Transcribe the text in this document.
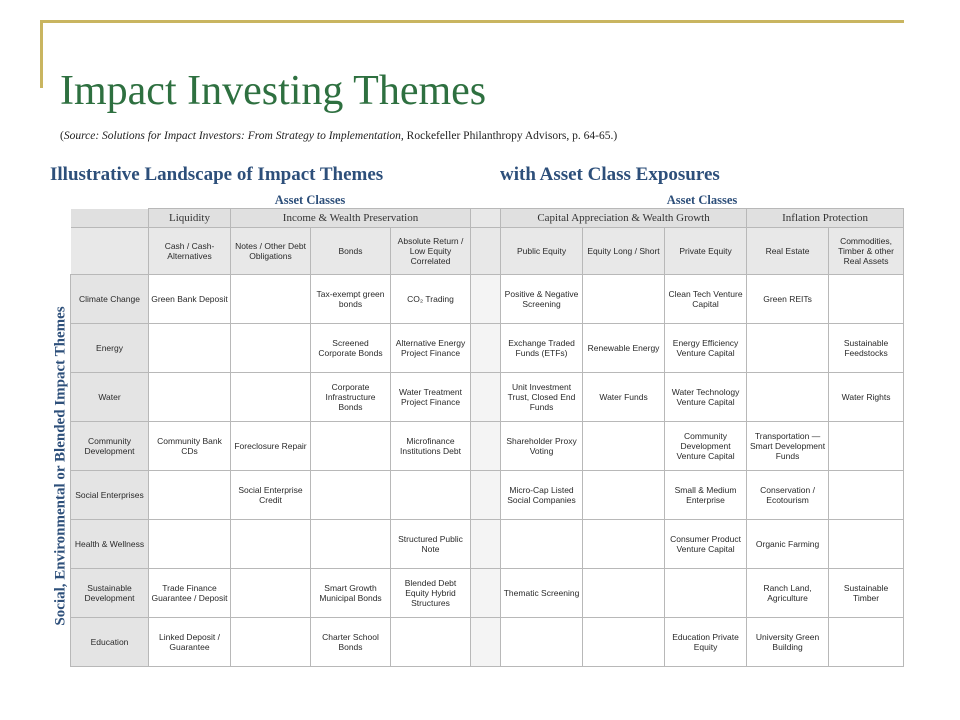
Impact Investing Themes

(Source: Solutions for Impact Investors: From Strategy to Implementation, Rockefeller Philanthropy Advisors, p. 64-65.)

Illustrative Landscape of Impact Themes	with Asset Class Exposures
Asset Classes	Asset Classes
Social, Environmental or Blended Impact Themes
	Liquidity	Income & Wealth Preservation				Capital Appreciation & Wealth Growth			Inflation Protection	
	Cash / Cash-Alternatives	Notes / Other Debt Obligations	Bonds	Absolute Return / Low Equity Correlated		Public Equity	Equity Long / Short	Private Equity	Real Estate	Commodities, Timber & other Real Assets
Climate Change	Green Bank Deposit		Tax-exempt green bonds	CO₂ Trading		Positive & Negative Screening		Clean Tech Venture Capital	Green REITs	
Energy			Screened Corporate Bonds	Alternative Energy Project Finance		Exchange Traded Funds (ETFs)	Renewable Energy	Energy Efficiency Venture Capital		Sustainable Feedstocks
Water			Corporate Infrastructure Bonds	Water Treatment Project Finance		Unit Investment Trust, Closed End Funds	Water Funds	Water Technology Venture Capital		Water Rights
Community Development	Community Bank CDs	Foreclosure Repair		Microfinance Institutions Debt		Shareholder Proxy Voting		Community Development Venture Capital	Transportation — Smart Development Funds	
Social Enterprises		Social Enterprise Credit				Micro-Cap Listed Social Companies		Small & Medium Enterprise	Conservation / Ecotourism	
Health & Wellness				Structured Public Note				Consumer Product Venture Capital	Organic Farming	
Sustainable Development	Trade Finance Guarantee / Deposit		Smart Growth Municipal Bonds	Blended Debt Equity Hybrid Structures		Thematic Screening			Ranch Land, Agriculture	Sustainable Timber
Education	Linked Deposit / Guarantee		Charter School Bonds					Education Private Equity	University Green Building	
